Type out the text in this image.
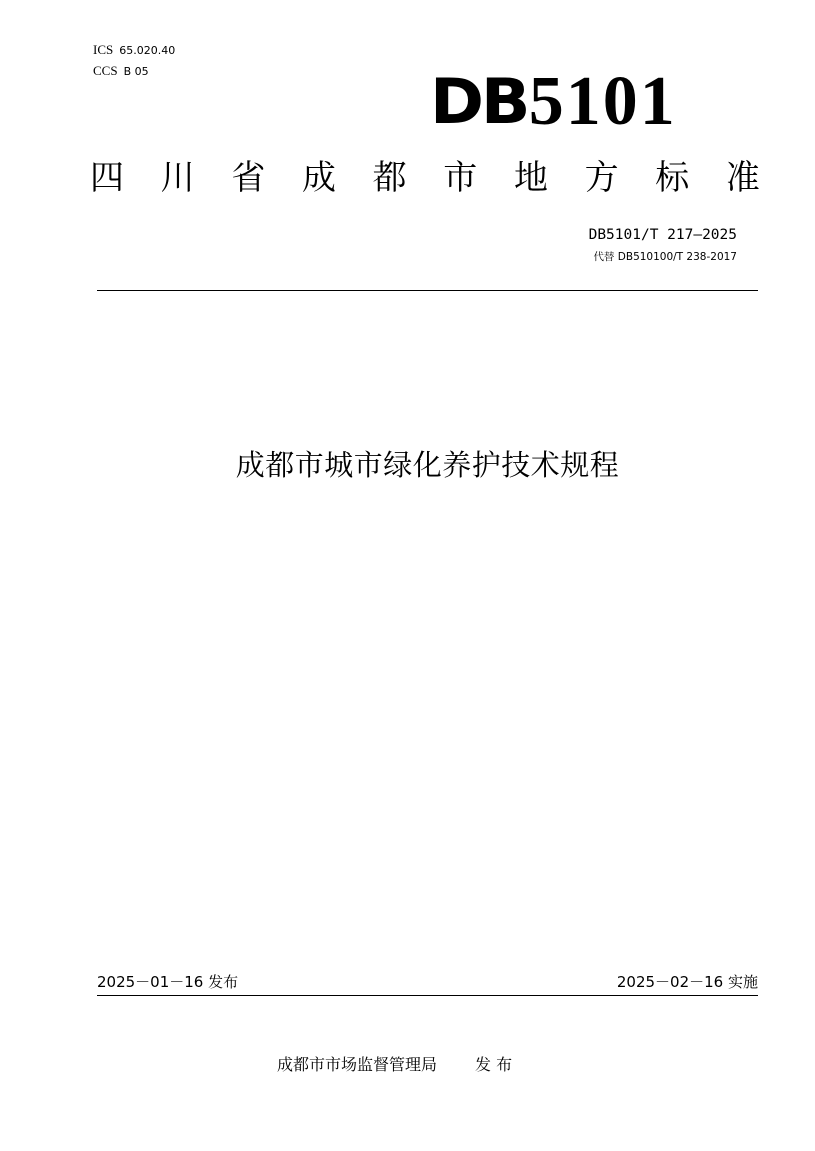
ICS 65.020.40
CCS B 05	DB 5101
四 川 省 成 都 市 地 方 标 准
DB5101/T 217—2025
代替 DB510100/T 238-2017
成都市城市绿化养护技术规程
2025－01－16 发布	2025－02－16 实施
成都市市场监督管理局 发 布
